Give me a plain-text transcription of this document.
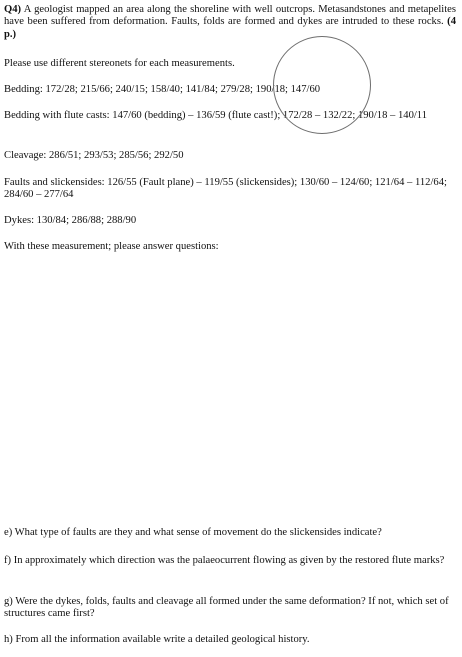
Q4) A geologist mapped an area along the shoreline with well outcrops. Metasandstones and metapelites have been suffered from deformation. Faults, folds are formed and dykes are intruded to these rocks. (4 p.)

Please use different stereonets for each measurements.

Bedding: 172/28; 215/66; 240/15; 158/40; 141/84; 279/28; 190/18; 147/60

Bedding with flute casts: 147/60 (bedding) – 136/59 (flute cast!); 172/28 – 132/22; 190/18 – 140/11

Cleavage: 286/51; 293/53; 285/56; 292/50

Faults and slickensides: 126/55 (Fault plane) – 119/55 (slickensides); 130/60 – 124/60; 121/64 – 112/64; 284/60 – 277/64

Dykes: 130/84; 286/88; 288/90

With these measurement; please answer questions:

e) What type of faults are they and what sense of movement do the slickensides indicate?

f) In approximately which direction was the palaeocurrent flowing as given by the restored flute marks?

g) Were the dykes, folds, faults and cleavage all formed under the same deformation? If not, which set of structures came first?

h) From all the information available write a detailed geological history.
